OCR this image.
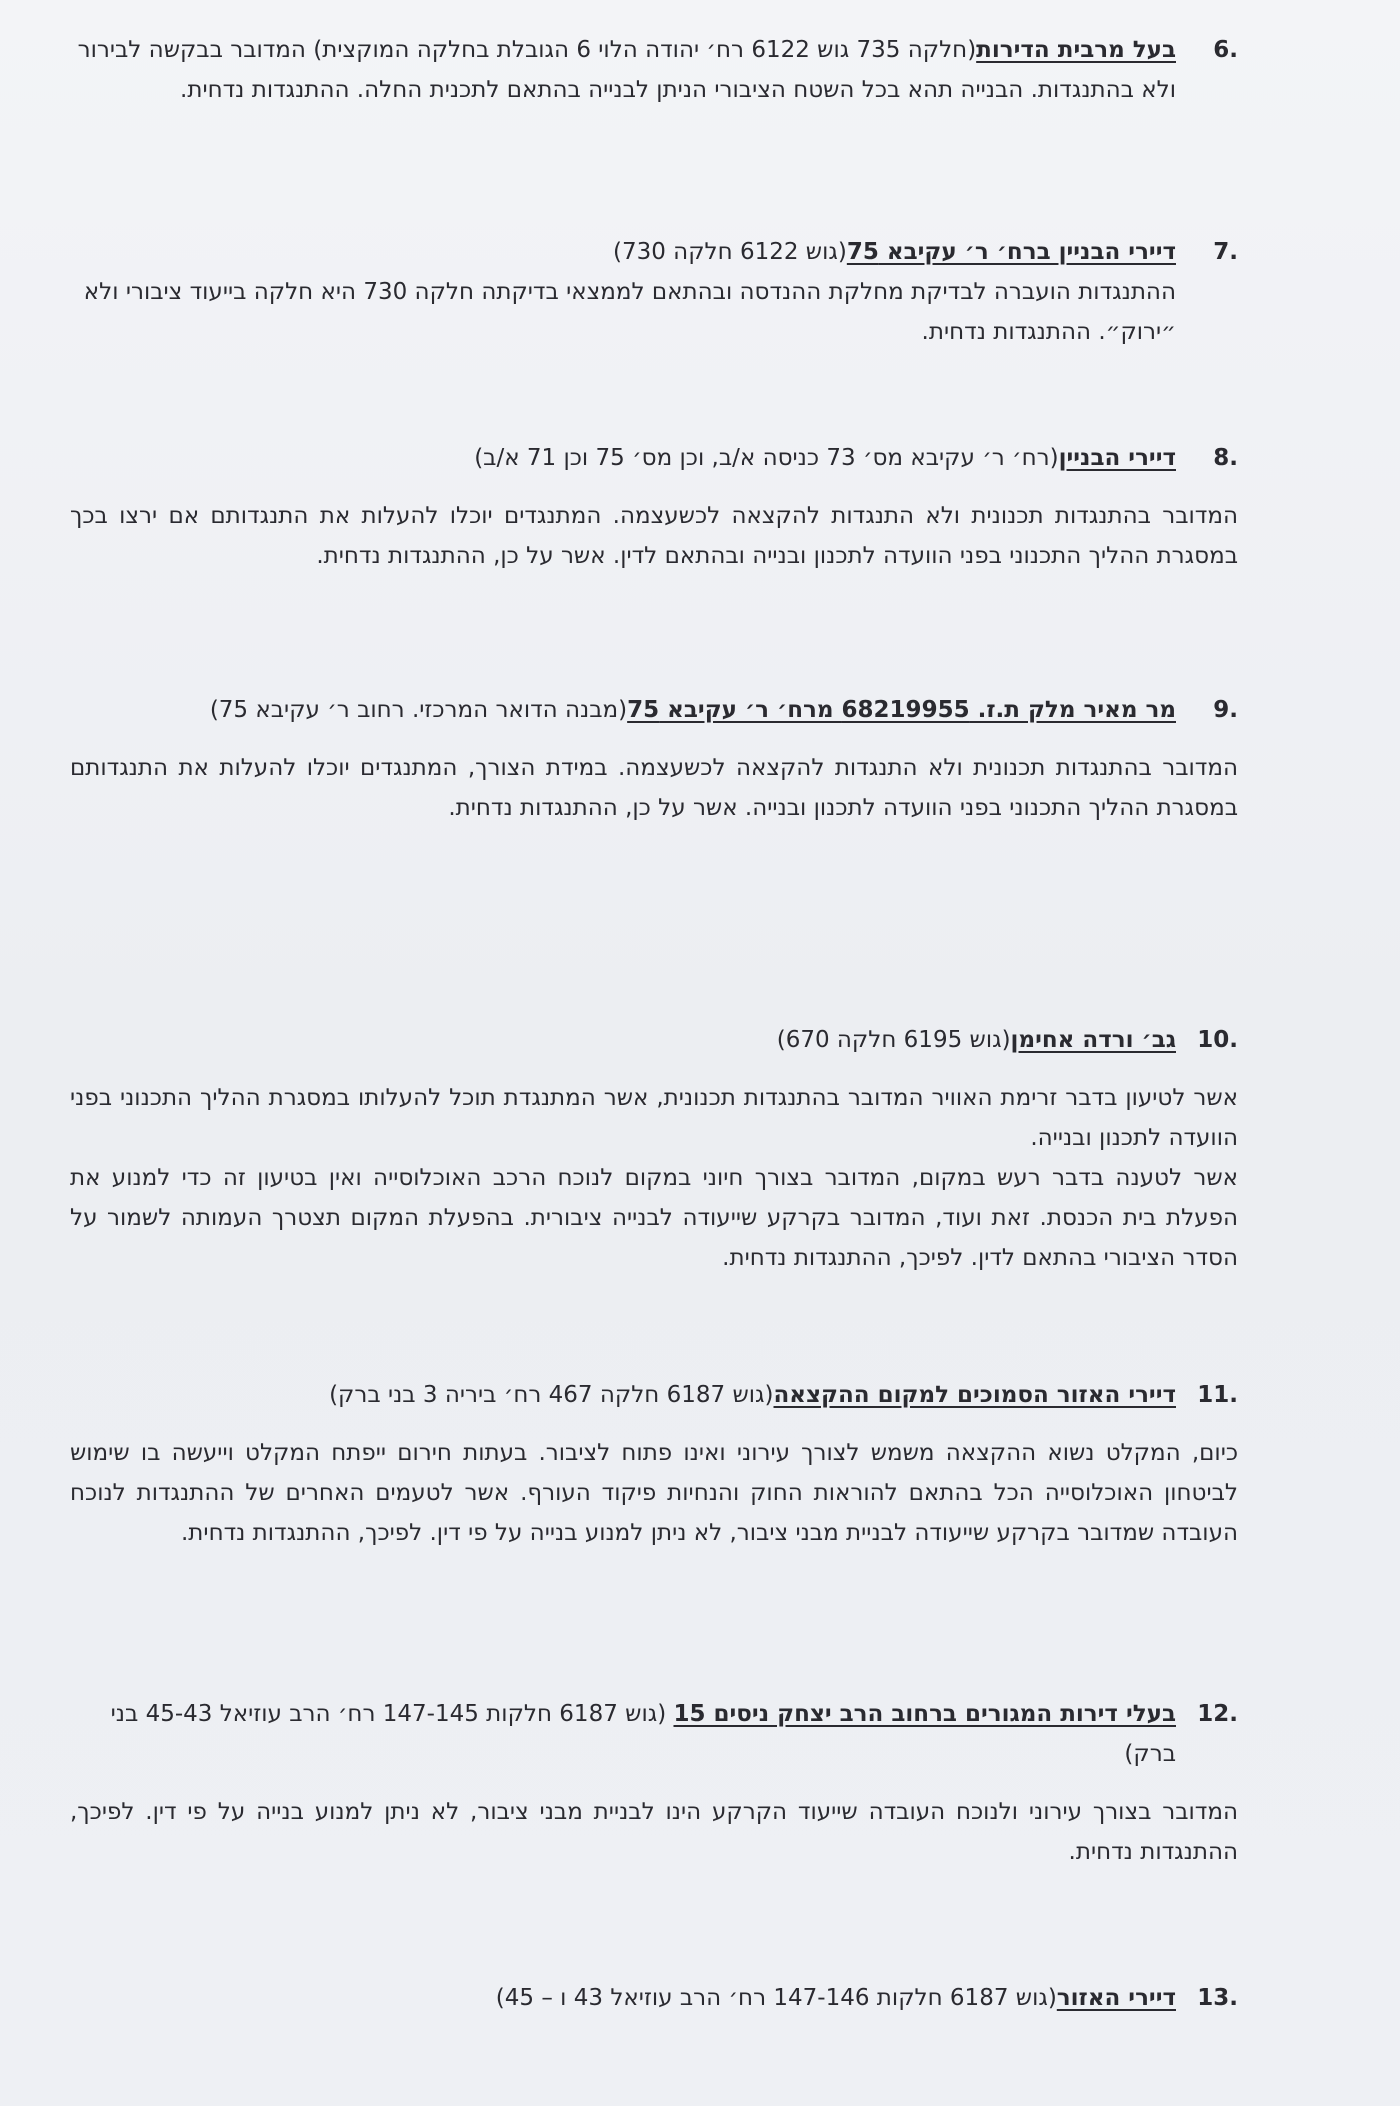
6.
בעל מרבית הדירות(חלקה 735 גוש 6122 רח׳ יהודה הלוי 6 הגובלת בחלקה המוקצית) המדובר בבקשה לבירור ולא בהתנגדות. הבנייה תהא בכל השטח הציבורי הניתן לבנייה בהתאם לתכנית החלה. ההתנגדות נדחית.
7.
דיירי הבניין ברח׳ ר׳ עקיבא 75(גוש 6122 חלקה 730)
ההתנגדות הועברה לבדיקת מחלקת ההנדסה ובהתאם לממצאי בדיקתה חלקה 730 היא חלקה בייעוד ציבורי ולא ״ירוק״. ההתנגדות נדחית.
8.
דיירי הבניין(רח׳ ר׳ עקיבא מס׳ 73 כניסה א/ב, וכן מס׳ 75 וכן 71 א/ב)

המדובר בהתנגדות תכנונית ולא התנגדות להקצאה לכשעצמה. המתנגדים יוכלו להעלות את התנגדותם אם ירצו בכך במסגרת ההליך התכנוני בפני הוועדה לתכנון ובנייה ובהתאם לדין. אשר על כן, ההתנגדות נדחית.

9.
מר מאיר מלק ת.ז. 68219955 מרח׳ ר׳ עקיבא 75(מבנה הדואר המרכזי. רחוב ר׳ עקיבא 75)

המדובר בהתנגדות תכנונית ולא התנגדות להקצאה לכשעצמה. במידת הצורך, המתנגדים יוכלו להעלות את התנגדותם במסגרת ההליך התכנוני בפני הוועדה לתכנון ובנייה. אשר על כן, ההתנגדות נדחית.

10.
גב׳ ורדה אחימן(גוש 6195 חלקה 670)

אשר לטיעון בדבר זרימת האוויר המדובר בהתנגדות תכנונית, אשר המתנגדת תוכל להעלותו במסגרת ההליך התכנוני בפני הוועדה לתכנון ובנייה.

אשר לטענה בדבר רעש במקום, המדובר בצורך חיוני במקום לנוכח הרכב האוכלוסייה ואין בטיעון זה כדי למנוע את הפעלת בית הכנסת. זאת ועוד, המדובר בקרקע שייעודה לבנייה ציבורית. בהפעלת המקום תצטרך העמותה לשמור על הסדר הציבורי בהתאם לדין. לפיכך, ההתנגדות נדחית.

11.
דיירי האזור הסמוכים למקום ההקצאה(גוש 6187 חלקה 467 רח׳ ביריה 3 בני ברק)

כיום, המקלט נשוא ההקצאה משמש לצורך עירוני ואינו פתוח לציבור. בעתות חירום ייפתח המקלט וייעשה בו שימוש לביטחון האוכלוסייה הכל בהתאם להוראות החוק והנחיות פיקוד העורף. אשר לטעמים האחרים של ההתנגדות לנוכח העובדה שמדובר בקרקע שייעודה לבניית מבני ציבור, לא ניתן למנוע בנייה על פי דין. לפיכך, ההתנגדות נדחית.

12.
בעלי דירות המגורים ברחוב הרב יצחק ניסים 15 (גוש 6187 חלקות 147-145 רח׳ הרב עוזיאל 45-43 בני ברק)

המדובר בצורך עירוני ולנוכח העובדה שייעוד הקרקע הינו לבניית מבני ציבור, לא ניתן למנוע בנייה על פי דין. לפיכך, ההתנגדות נדחית.

13.
דיירי האזור(גוש 6187 חלקות 147-146 רח׳ הרב עוזיאל 43 ו – 45)
